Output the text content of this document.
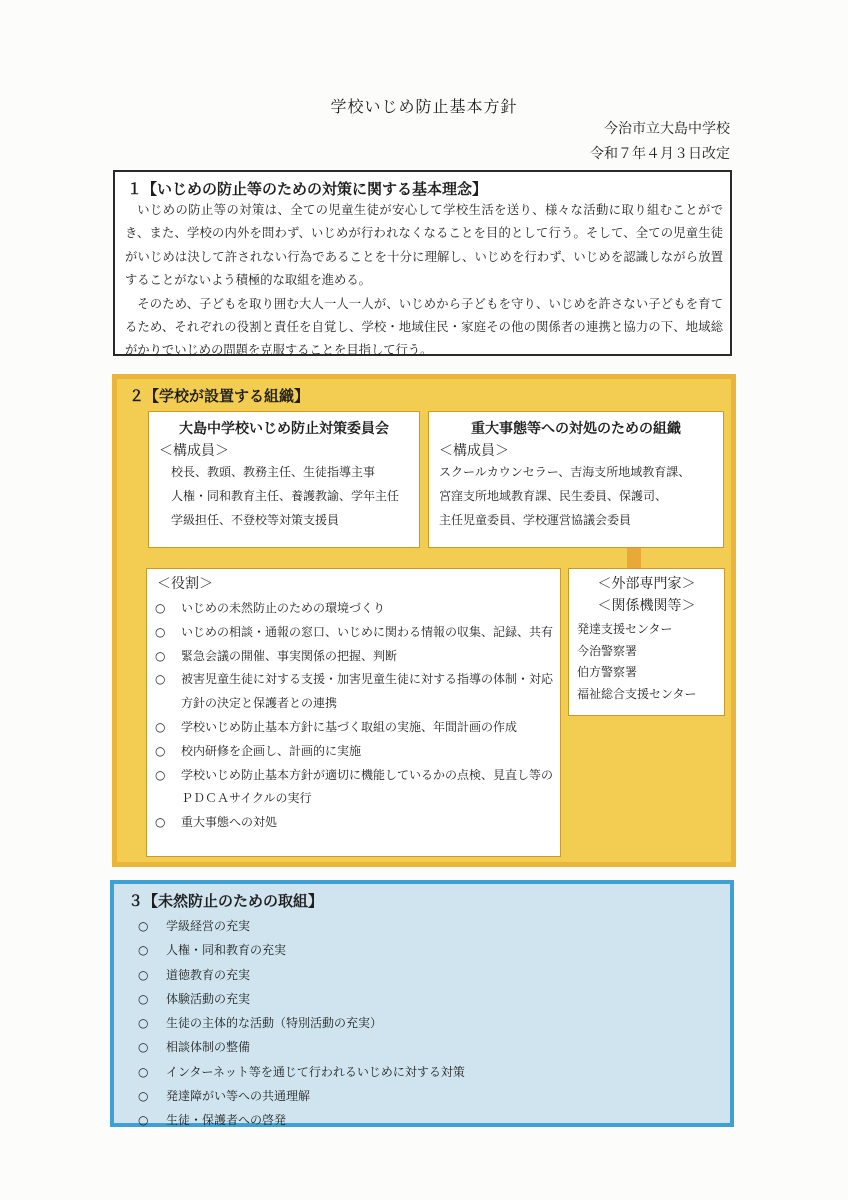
学校いじめ防止基本方針
今治市立大島中学校
令和７年４月３日改定
１【いじめの防止等のための対策に関する基本理念】

いじめの防止等の対策は、全ての児童生徒が安心して学校生活を送り、様々な活動に取り組むことができ、また、学校の内外を問わず、いじめが行われなくなることを目的として行う。そして、全ての児童生徒がいじめは決して許されない行為であることを十分に理解し、いじめを行わず、いじめを認識しながら放置することがないよう積極的な取組を進める。

そのため、子どもを取り囲む大人一人一人が、いじめから子どもを守り、いじめを許さない子どもを育てるため、それぞれの役割と責任を自覚し、学校・地域住民・家庭その他の関係者の連携と協力の下、地域総がかりでいじめの問題を克服することを目指して行う。

２【学校が設置する組織】
大島中学校いじめ防止対策委員会
＜構成員＞
校長、教頭、教務主任、生徒指導主事
人権・同和教育主任、養護教諭、学年主任
学級担任、不登校等対策支援員
重大事態等への対処のための組織
＜構成員＞
スクールカウンセラー、吉海支所地域教育課、
宮窪支所地域教育課、民生委員、保護司、
主任児童委員、学校運営協議会委員
＜役割＞
○	いじめの未然防止のための環境づくり
○	いじめの相談・通報の窓口、いじめに関わる情報の収集、記録、共有
○	緊急会議の開催、事実関係の把握、判断
○	被害児童生徒に対する支援・加害児童生徒に対する指導の体制・対応方針の決定と保護者との連携
○	学校いじめ防止基本方針に基づく取組の実施、年間計画の作成
○	校内研修を企画し、計画的に実施
○	学校いじめ防止基本方針が適切に機能しているかの点検、見直し等のＰＤＣＡサイクルの実行
○	重大事態への対処
＜外部専門家＞
＜関係機関等＞
発達支援センター
今治警察署
伯方警察署
福祉総合支援センター
３【未然防止のための取組】
○	学級経営の充実
○	人権・同和教育の充実
○	道徳教育の充実
○	体験活動の充実
○	生徒の主体的な活動（特別活動の充実）
○	相談体制の整備
○	インターネット等を通じて行われるいじめに対する対策
○	発達障がい等への共通理解
○	生徒・保護者への啓発
